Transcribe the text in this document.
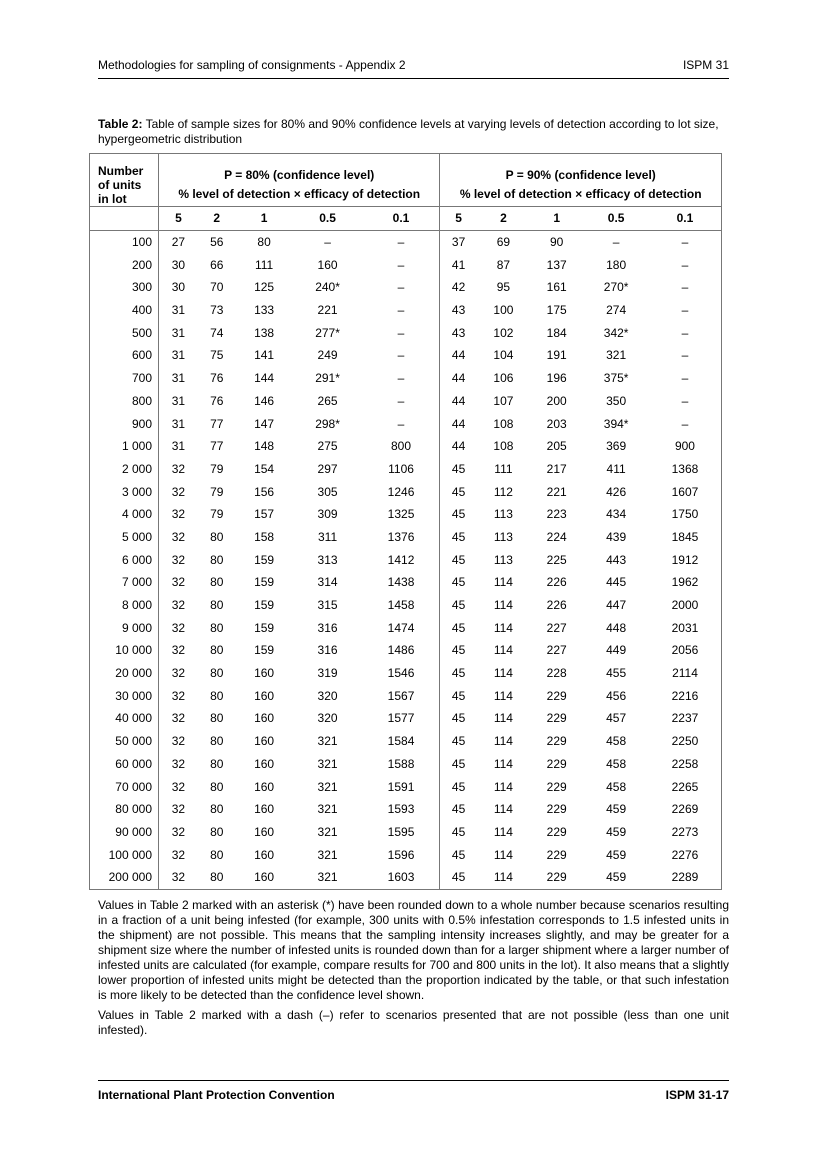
Methodologies for sampling of consignments - Appendix 2	ISPM 31
Table 2: Table of sample sizes for 80% and 90% confidence levels at varying levels of detection according to lot size, hypergeometric distribution
Number
of units
in lot	P = 80% (confidence level)					P = 90% (confidence level)				
	% level of detection × efficacy of detection					% level of detection × efficacy of detection				
	5	2	1	0.5	0.1	5	2	1	0.5	0.1
100	27	56	80	–	–	37	69	90	–	–
200	30	66	111	160	–	41	87	137	180	–
300	30	70	125	240*	–	42	95	161	270*	–
400	31	73	133	221	–	43	100	175	274	–
500	31	74	138	277*	–	43	102	184	342*	–
600	31	75	141	249	–	44	104	191	321	–
700	31	76	144	291*	–	44	106	196	375*	–
800	31	76	146	265	–	44	107	200	350	–
900	31	77	147	298*	–	44	108	203	394*	–
1 000	31	77	148	275	800	44	108	205	369	900
2 000	32	79	154	297	1106	45	111	217	411	1368
3 000	32	79	156	305	1246	45	112	221	426	1607
4 000	32	79	157	309	1325	45	113	223	434	1750
5 000	32	80	158	311	1376	45	113	224	439	1845
6 000	32	80	159	313	1412	45	113	225	443	1912
7 000	32	80	159	314	1438	45	114	226	445	1962
8 000	32	80	159	315	1458	45	114	226	447	2000
9 000	32	80	159	316	1474	45	114	227	448	2031
10 000	32	80	159	316	1486	45	114	227	449	2056
20 000	32	80	160	319	1546	45	114	228	455	2114
30 000	32	80	160	320	1567	45	114	229	456	2216
40 000	32	80	160	320	1577	45	114	229	457	2237
50 000	32	80	160	321	1584	45	114	229	458	2250
60 000	32	80	160	321	1588	45	114	229	458	2258
70 000	32	80	160	321	1591	45	114	229	458	2265
80 000	32	80	160	321	1593	45	114	229	459	2269
90 000	32	80	160	321	1595	45	114	229	459	2273
100 000	32	80	160	321	1596	45	114	229	459	2276
200 000	32	80	160	321	1603	45	114	229	459	2289

Values in Table 2 marked with an asterisk (*) have been rounded down to a whole number because scenarios resulting in a fraction of a unit being infested (for example, 300 units with 0.5% infestation corresponds to 1.5 infested units in the shipment) are not possible. This means that the sampling intensity increases slightly, and may be greater for a shipment size where the number of infested units is rounded down than for a larger shipment where a larger number of infested units are calculated (for example, compare results for 700 and 800 units in the lot). It also means that a slightly lower proportion of infested units might be detected than the proportion indicated by the table, or that such infestation is more likely to be detected than the confidence level shown.

Values in Table 2 marked with a dash (–) refer to scenarios presented that are not possible (less than one unit infested).

International Plant Protection Convention	ISPM 31-17
